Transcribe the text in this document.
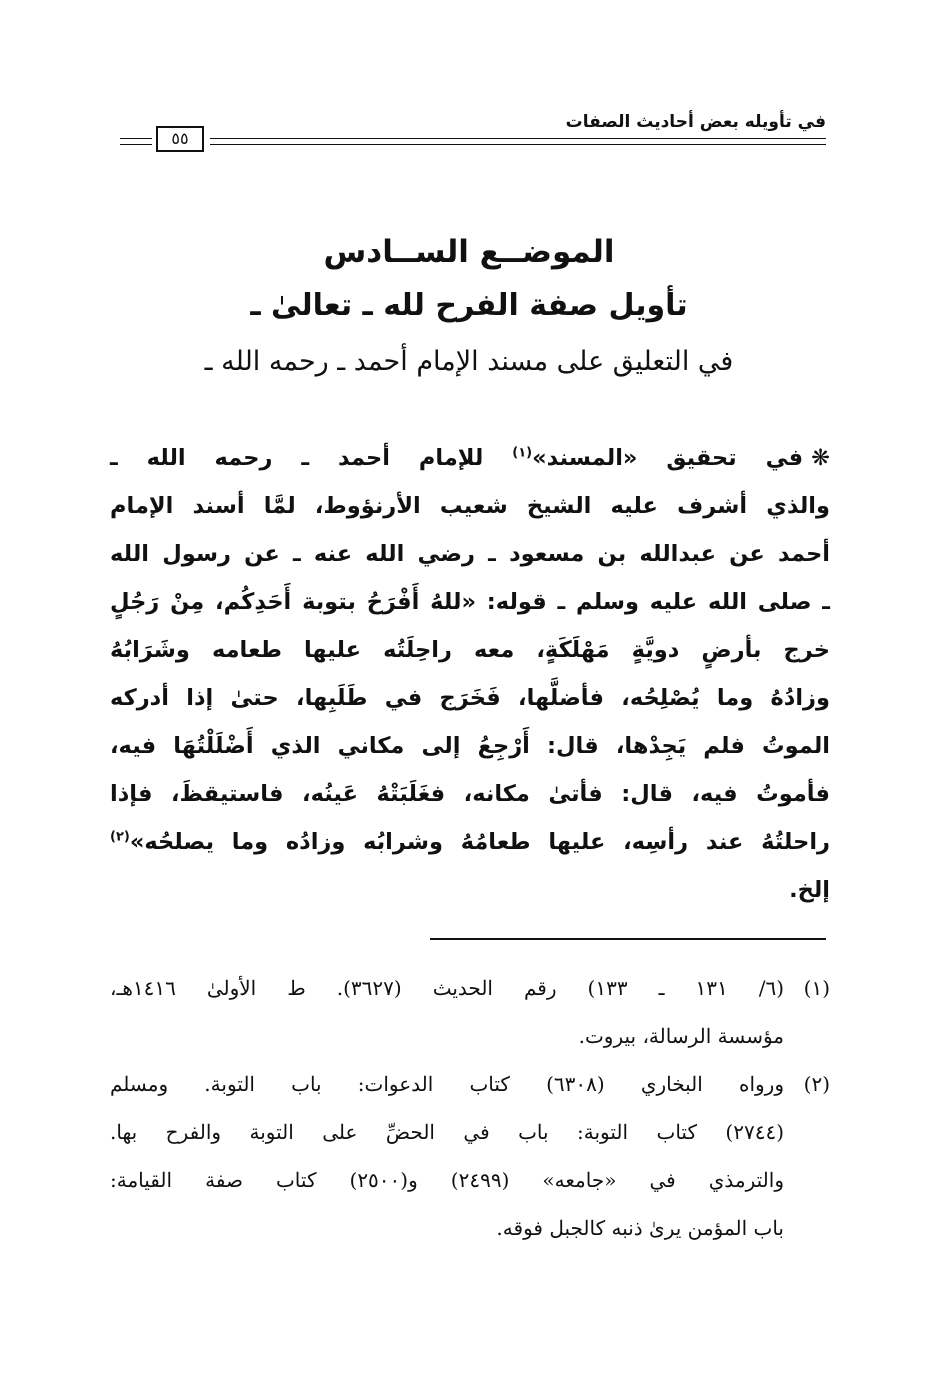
في تأويله بعض أحاديث الصفات
٥٥
الموضــع الســادس
تأويل صفة الفرح لله ـ تعالىٰ ـ
في التعليق على مسند الإمام أحمد ـ رحمه الله ـ
❋في تحقيق «المسند»$^{(١)}$ للإمام أحمد ـ رحمه الله ـ
والذي أشرف عليه الشيخ شعيب الأرنؤوط، لمَّا أسند الإمام
أحمد عن عبدالله بن مسعود ـ رضي الله عنه ـ عن رسول الله
ـ صلى الله عليه وسلم ـ قوله: «للهُ أَفْرَحُ بتوبة أَحَدِكُم، مِنْ رَجُلٍ
خرج بأرضٍ دويَّةٍ مَهْلَكَةٍ، معه راحِلَتُه عليها طعامه وشَرَابُهُ
وزادُهُ وما يُصْلِحُه، فأضلَّها، فَخَرَج في طَلَبِها، حتىٰ إذا أدركه
الموتُ فلم يَجِدْها، قال: أَرْجِعُ إلى مكاني الذي أَضْلَلْتُهَا فيه،
فأموتُ فيه، قال: فأتىٰ مكانه، فغَلَبَتْهُ عَينُه، فاستيقظَ، فإذا
راحلتُهُ عند رأسِه، عليها طعامُهُ وشرابُه وزادُه وما يصلحُه»$^{(٢)}$
إلخ.
(١)
(٦/ ١٣١ ـ ١٣٣) رقم الحديث (٣٦٢٧). ط الأولىٰ ١٤١٦هـ،
مؤسسة الرسالة، بيروت.
(٢)
ورواه البخاري (٦٣٠٨) كتاب الدعوات: باب التوبة. ومسلم
(٢٧٤٤) كتاب التوبة: باب في الحضِّ على التوبة والفرح بها.
والترمذي في «جامعه» (٢٤٩٩) و(٢٥٠٠) كتاب صفة القيامة:
باب المؤمن يرىٰ ذنبه كالجبل فوقه.
